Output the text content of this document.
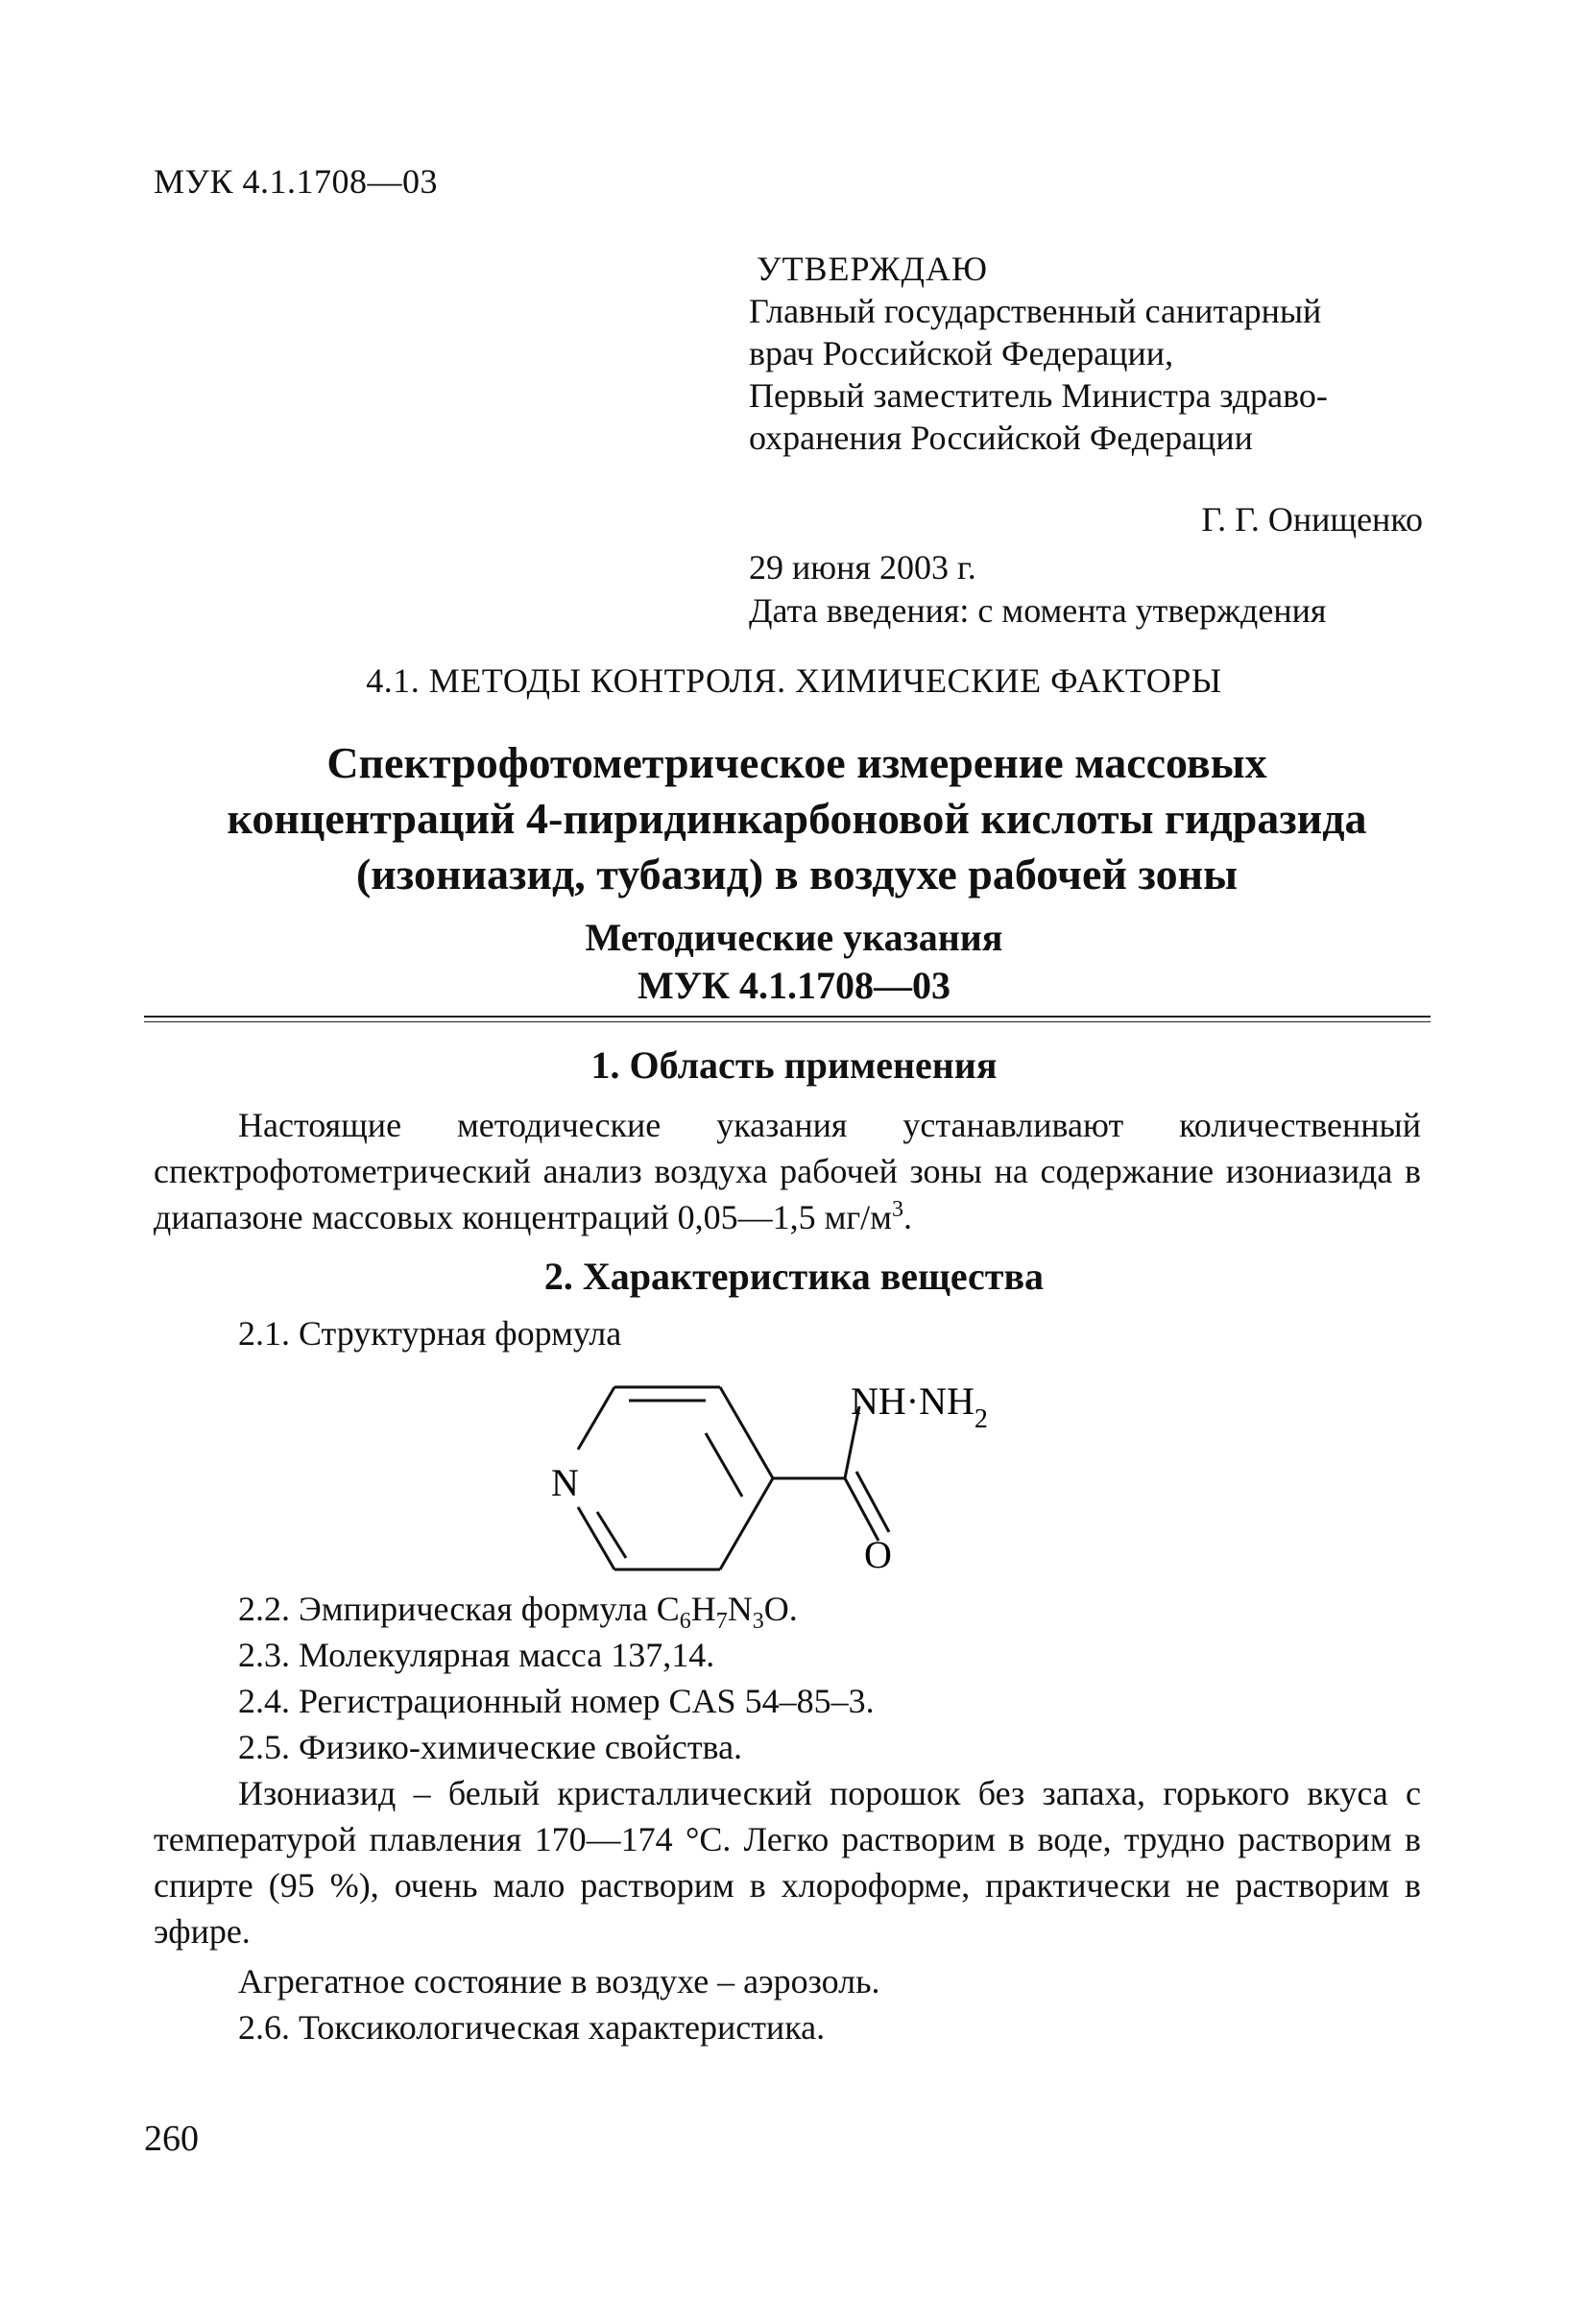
МУК 4.1.1708—03
УТВЕРЖДАЮ
Главный государственный санитарный
врач Российской Федерации,
Первый заместитель Министра здраво-
охранения Российской Федерации
Г. Г. Онищенко
29 июня 2003 г.
Дата введения: с момента утверждения
4.1. МЕТОДЫ КОНТРОЛЯ. ХИМИЧЕСКИЕ ФАКТОРЫ
Спектрофотометрическое измерение массовых
концентраций 4-пиридинкарбоновой кислоты гидразида
(изониазид, тубазид) в воздухе рабочей зоны
Методические указания
МУК 4.1.1708—03
1. Область применения
Настоящие методические указания устанавливают количественный спектрофотометрический анализ воздуха рабочей зоны на содержание изониазида в диапазоне массовых концентраций 0,05—1,5 $мг/м^3$.
2. Характеристика вещества
2.1. Структурная формула
N
O
$NH\cdot NH_2$
2.2. Эмпирическая формула $C_6H_7N_3O$.
2.3. Молекулярная масса 137,14.
2.4. Регистрационный номер CAS 54–85–3.
2.5. Физико-химические свойства.
Изониазид – белый кристаллический порошок без запаха, горького вкуса с температурой плавления 170—174 °С. Легко растворим в воде, трудно растворим в спирте (95 %), очень мало растворим в хлороформе, практически не растворим в эфире.
Агрегатное состояние в воздухе – аэрозоль.
2.6. Токсикологическая характеристика.
260
